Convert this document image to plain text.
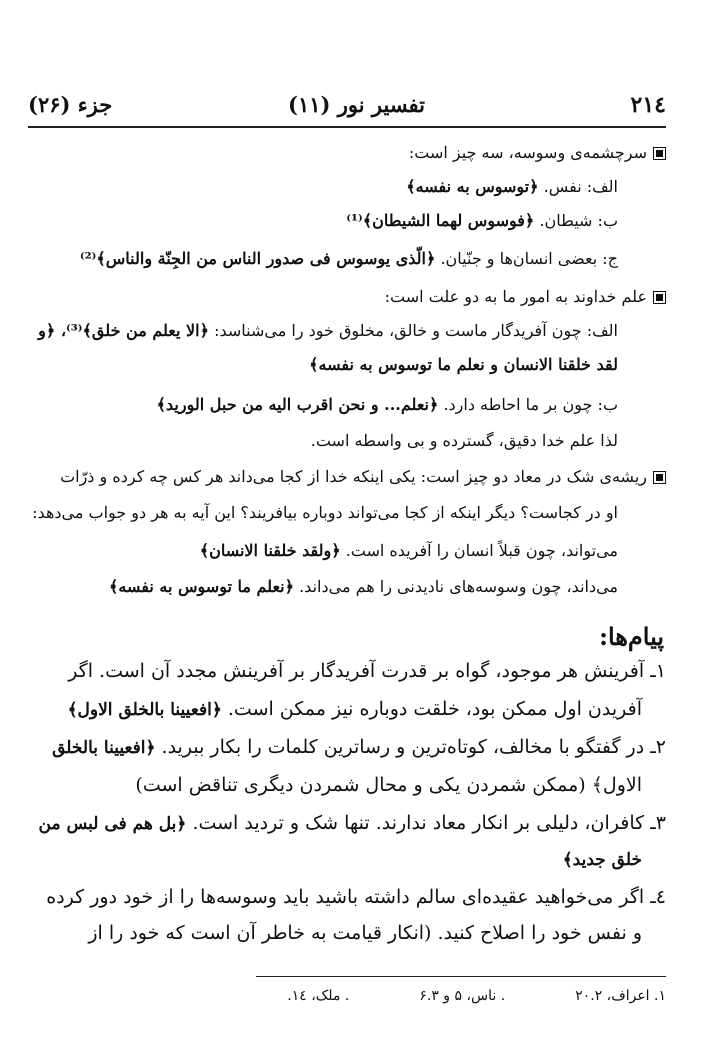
۲۱٤
تفسیر نور (۱۱)
جزء (۲۶)
سرچشمه‌ی وسوسه، سه چیز است:
الف: نفس. ﴿توسوس به نفسه﴾
ب: شیطان. ﴿فوسوس لهما الشیطان﴾⁽¹⁾
ج: بعضی انسان‌ها و جنّیان. ﴿الّذی یوسوس فی صدور الناس من الجِنّة والناس﴾⁽²⁾
علم خداوند به امور ما به دو علت است:
الف: چون آفریدگار ماست و خالق، مخلوق خود را می‌شناسد: ﴿الا یعلم من خلق﴾⁽³⁾، ﴿و
لقد خلقنا الانسان و نعلم ما توسوس به نفسه﴾
ب: چون بر ما احاطه دارد. ﴿نعلم... و نحن اقرب الیه من حبل الورید﴾
لذا علم خدا دقیق، گسترده و بی واسطه است.
ریشه‌ی شک در معاد دو چیز است: یکی اینکه خدا از کجا می‌داند هر کس چه کرده و ذرّات
او در کجاست؟ دیگر اینکه از کجا می‌تواند دوباره بیافریند؟ این آیه به هر دو جواب می‌دهد:
می‌تواند، چون قبلاً انسان را آفریده است. ﴿ولقد خلقنا الانسان﴾
می‌داند، چون وسوسه‌های نادیدنی را هم می‌داند. ﴿نعلم ما توسوس به نفسه﴾
پیام‌ها:
۱ـ آفرینش هر موجود، گواه بر قدرت آفریدگار بر آفرینش مجدد آن است. اگر
آفریدن اول ممکن بود، خلقت دوباره نیز ممکن است. ﴿افعیینا بالخلق الاول﴾
۲ـ در گفتگو با مخالف، کوتاه‌ترین و رساترین کلمات را بکار ببرید. ﴿افعیینا بالخلق
الاول﴾ (ممکن شمردن یکی و محال شمردن دیگری تناقض است)
۳ـ کافران، دلیلی بر انکار معاد ندارند. تنها شک و تردید است. ﴿بل هم فی لبس من
خلق جدید﴾
٤ـ اگر می‌خواهید عقیده‌ای سالم داشته باشید باید وسوسه‌ها را از خود دور کرده
و نفس خود را اصلاح کنید. (انکار قیامت به خاطر آن است که خود را از
۱. اعراف، ۲۰.۲. ناس، ۵ و ۶.۳. ملک، ۱٤.
